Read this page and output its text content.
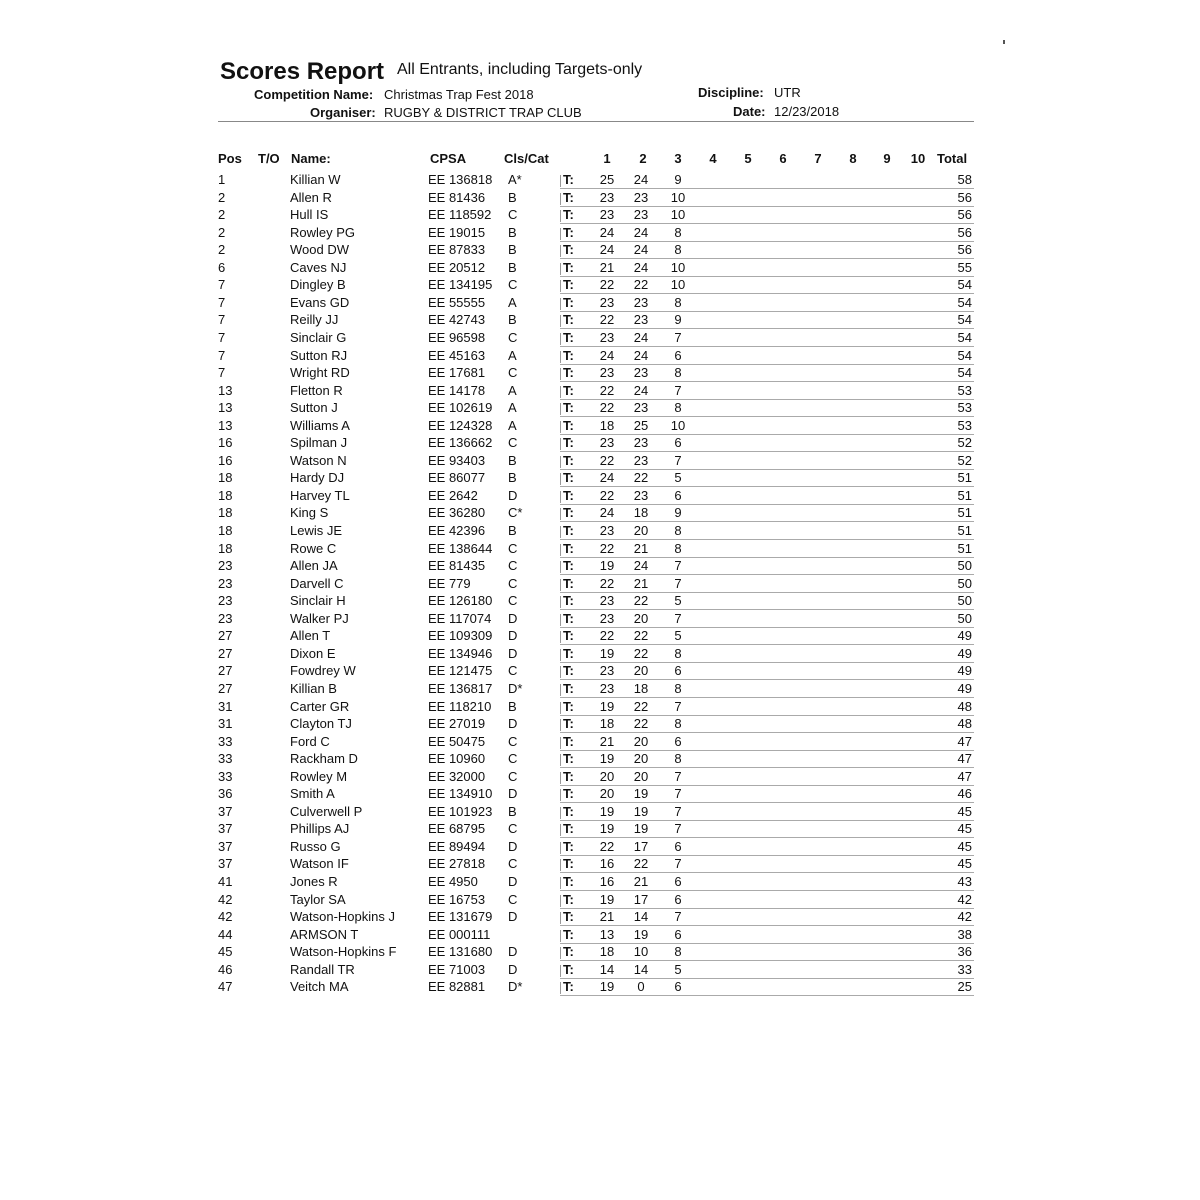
Scores Report All Entrants, including Targets-only
Competition Name: Christmas Trap Fest 2018
Organiser: RUGBY & DISTRICT TRAP CLUB
Discipline: UTR
Date: 12/23/2018
Pos T/O Name:	CPSA	Cls/Cat	1	2	3	4	5	6	7	8	9	10 Total
T:
1	Killian W	EE 136818 A*	25	24	9	58
T:
2	Allen R	EE 81436 B	23	23	10	56
T:
2	Hull IS	EE 118592 C	23	23	10	56
T:
2	Rowley PG	EE 19015 B	24	24	8	56
T:
2	Wood DW	EE 87833 B	24	24	8	56
T:
6	Caves NJ	EE 20512 B	21	24	10	55
T:
7	Dingley B	EE 134195 C	22	22	10	54
T:
7	Evans GD	EE 55555 A	23	23	8	54
T:
7	Reilly JJ	EE 42743 B	22	23	9	54
T:
7	Sinclair G	EE 96598 C	23	24	7	54
T:
7	Sutton RJ	EE 45163 A	24	24	6	54
T:
7	Wright RD	EE 17681 C	23	23	8	54
T:
13	Fletton R	EE 14178 A	22	24	7	53
T:
13	Sutton J	EE 102619 A	22	23	8	53
T:
13	Williams A	EE 124328 A	18	25	10	53
T:
16	Spilman J	EE 136662 C	23	23	6	52
T:
16	Watson N	EE 93403 B	22	23	7	52
T:
18	Hardy DJ	EE 86077 B	24	22	5	51
T:
18	Harvey TL	EE 2642 D	22	23	6	51
T:
18	King S	EE 36280 C*	24	18	9	51
T:
18	Lewis JE	EE 42396 B	23	20	8	51
T:
18	Rowe C	EE 138644 C	22	21	8	51
T:
23	Allen JA	EE 81435 C	19	24	7	50
T:
23	Darvell C	EE 779	C	22	21	7	50
T:
23	Sinclair H	EE 126180 C	23	22	5	50
T:
23	Walker PJ	EE 117074 D	23	20	7	50
T:
27	Allen T	EE 109309 D	22	22	5	49
T:
27	Dixon E	EE 134946 D	19	22	8	49
T:
27	Fowdrey W	EE 121475 C	23	20	6	49
T:
27	Killian B	EE 136817 D*	23	18	8	49
T:
31	Carter GR	EE 118210 B	19	22	7	48
T:
31	Clayton TJ	EE 27019 D	18	22	8	48
T:
33	Ford C	EE 50475 C	21	20	6	47
T:
33	Rackham D	EE 10960 C	19	20	8	47
T:
33	Rowley M	EE 32000 C	20	20	7	47
T:
36	Smith A	EE 134910 D	20	19	7	46
T:
37	Culverwell P	EE 101923 B	19	19	7	45
T:
37	Phillips AJ	EE 68795 C	19	19	7	45
T:
37	Russo G	EE 89494 D	22	17	6	45
T:
37	Watson IF	EE 27818 C	16	22	7	45
T:
41	Jones R	EE 4950 D	16	21	6	43
T:
42	Taylor SA	EE 16753 C	19	17	6	42
T:
42	Watson-Hopkins J	EE 131679 D	21	14	7	42
T:
44	ARMSON T	EE 000111	13	19	6	38
T:
45	Watson-Hopkins F EE 131680 D	18	10	8	36
T:
46	Randall TR	EE 71003 D	14	14	5	33
T:
47	Veitch MA	EE 82881 D*	19	0	6	25
